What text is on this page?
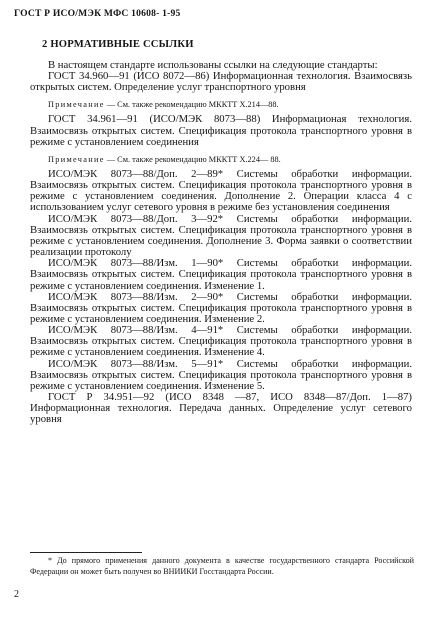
ГОСТ Р ИСО/МЭК МФС 10608- 1-95
2 НОРМАТИВНЫЕ ССЫЛКИ

В настоящем стандарте использованы ссылки на следующие стандарты:

ГОСТ 34.960—91 (ИСО 8072—86) Информационная технология. Взаимосвязь открытых систем. Определение услуг транспортного уровня

Примечание — См. также рекомендацию МККТТ Х.214—88.

ГОСТ 34.961—91 (ИСО/МЭК 8073—88) Информационая технология. Взаимосвязь открытых систем. Спецификация протокола транспортного уровня в режиме с установлением соединения

Примечание — См. также рекомендацию МККТТ Х.224— 88.

ИСО/МЭК 8073—88/Доп. 2—89* Системы обработки информации. Взаимосвязь открытых систем. Спецификация протокола транспортного уровня в режиме с установлением соединения. Дополнение 2. Операции класса 4 с использованием услуг сетевого уровня в режиме без установления соединения

ИСО/МЭК 8073—88/Доп. 3—92* Системы обработки информации. Взаимосвязь открытых систем. Спецификация протокола транспортного уровня в режиме с установлением соединения. Дополнение 3. Форма заявки о соответствии реализации протоколу

ИСО/МЭК 8073—88/Изм. 1—90* Системы обработки информации. Взаимосвязь открытых систем. Спецификация протокола транспортного уровня в режиме с установлением соединения. Изменение 1.

ИСО/МЭК 8073—88/Изм. 2—90* Системы обработки информации. Взаимосвязь открытых систем. Спецификация протокола транспортного уровня в режиме с установлением соединения. Изменение 2.

ИСО/МЭК 8073—88/Изм. 4—91* Системы обработки информации. Взаимосвязь открытых систем. Спецификация протокола транспортного уровня в режиме с установлением соединения. Изменение 4.

ИСО/МЭК 8073—88/Изм. 5—91* Системы обработки информации. Взаимосвязь открытых систем. Спецификация протокола транспортного уровня в режиме с установлением соединения. Изменение 5.

ГОСТ Р 34.951—92 (ИСО 8348 —87, ИСО 8348—87/Доп. 1—87) Информационная технология. Передача данных. Определение услуг сетевого уровня

* До прямого применения данного документа в качестве государственного стандарта Российской Федерации он может быть получен во ВНИИКИ Госстандарта России.

2
